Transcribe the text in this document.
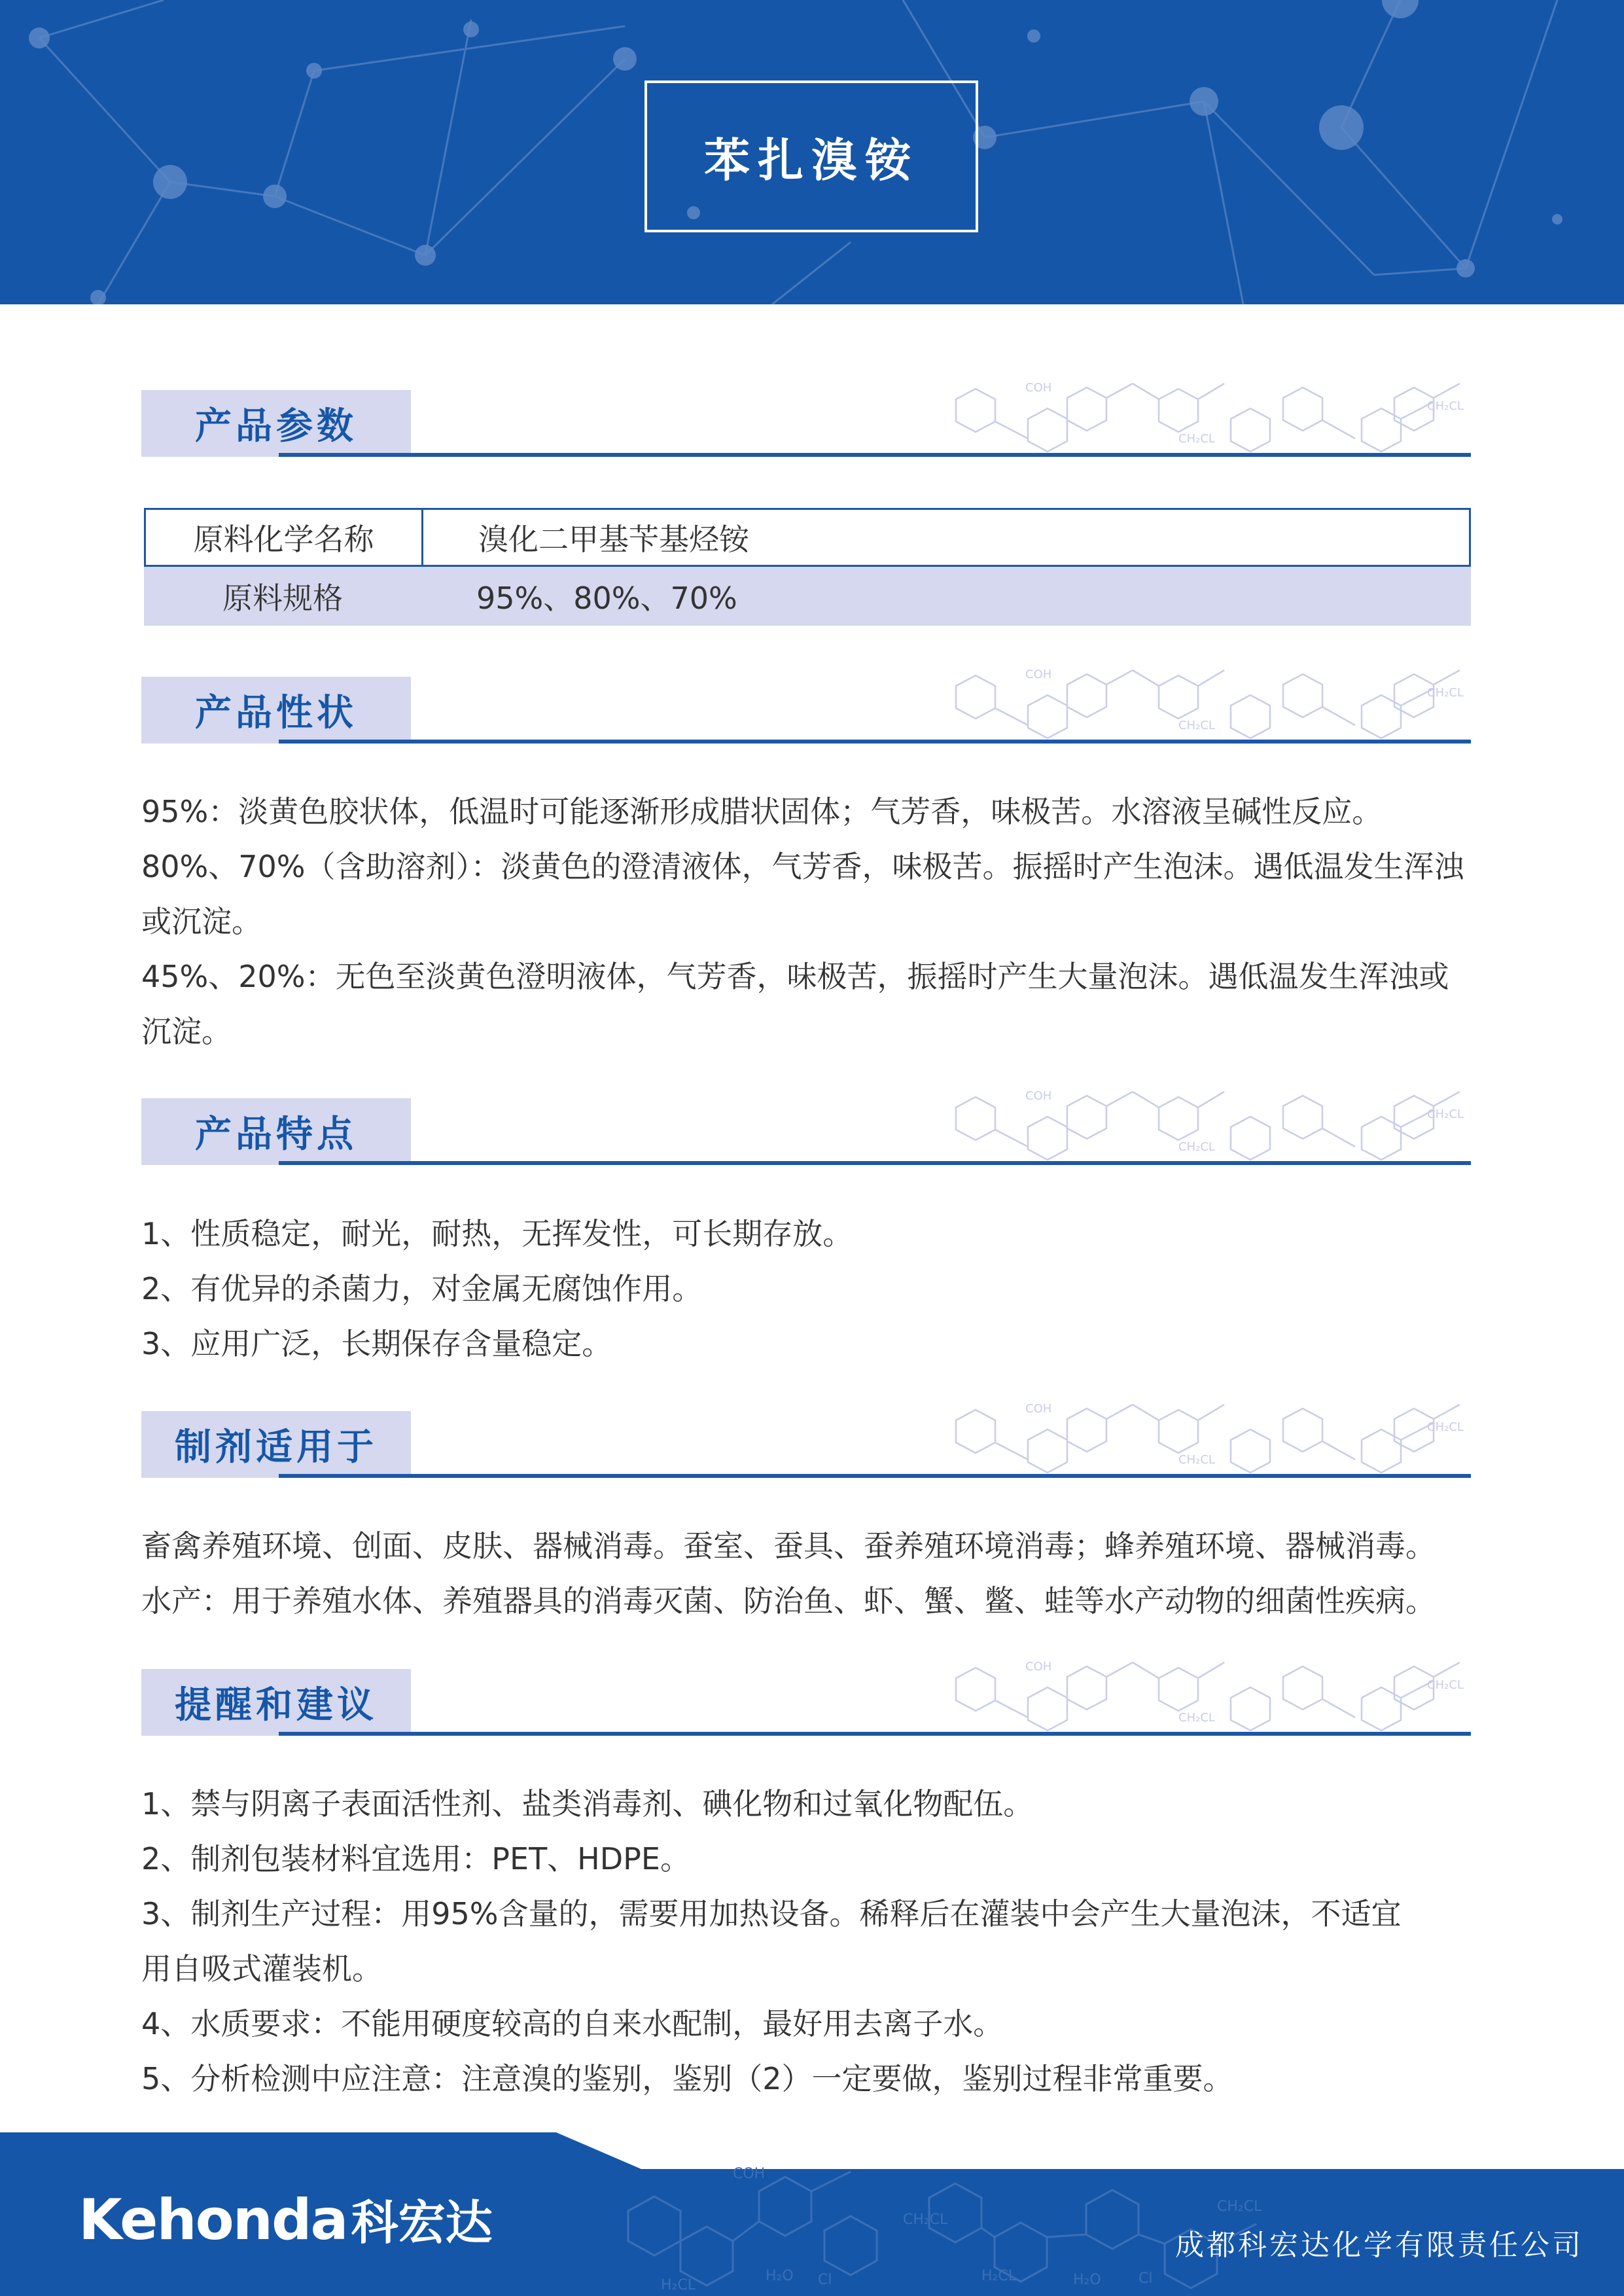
苯扎溴铵
产品参数
COH
CH₂CL
CH₂CL
原料化学名称	溴化二甲基苄基烃铵
原料规格	95%、80%、70%
产品性状
COH
CH₂CL
CH₂CL
95%：淡黄色胶状体，低温时可能逐渐形成腊状固体；气芳香，味极苦。水溶液呈碱性反应。
80%、70%（含助溶剂）：淡黄色的澄清液体，气芳香，味极苦。振摇时产生泡沫。遇低温发生浑浊
或沉淀。
45%、20%：无色至淡黄色澄明液体，气芳香，味极苦，振摇时产生大量泡沫。遇低温发生浑浊或
沉淀。
产品特点
COH
CH₂CL
CH₂CL
1、性质稳定，耐光，耐热，无挥发性，可长期存放。
2、有优异的杀菌力，对金属无腐蚀作用。
3、应用广泛，长期保存含量稳定。
制剂适用于
COH
CH₂CL
CH₂CL
畜禽养殖环境、创面、皮肤、器械消毒。蚕室、蚕具、蚕养殖环境消毒；蜂养殖环境、器械消毒。
水产：用于养殖水体、养殖器具的消毒灭菌、防治鱼、虾、蟹、鳖、蛙等水产动物的细菌性疾病。
提醒和建议
COH
CH₂CL
CH₂CL
1、禁与阴离子表面活性剂、盐类消毒剂、碘化物和过氧化物配伍。
2、制剂包装材料宜选用：PET、HDPE。
3、制剂生产过程：用95%含量的，需要用加热设备。稀释后在灌装中会产生大量泡沫，不适宜
用自吸式灌装机。
4、水质要求：不能用硬度较高的自来水配制，最好用去离子水。
5、分析检测中应注意：注意溴的鉴别，鉴别（2）一定要做，鉴别过程非常重要。
COH
CH₂CL
CH₂CL
H₂O
H₂CL
H₂CL
Cl	Cl
H₂O
Kehonda 科宏达	成都科宏达化学有限责任公司
